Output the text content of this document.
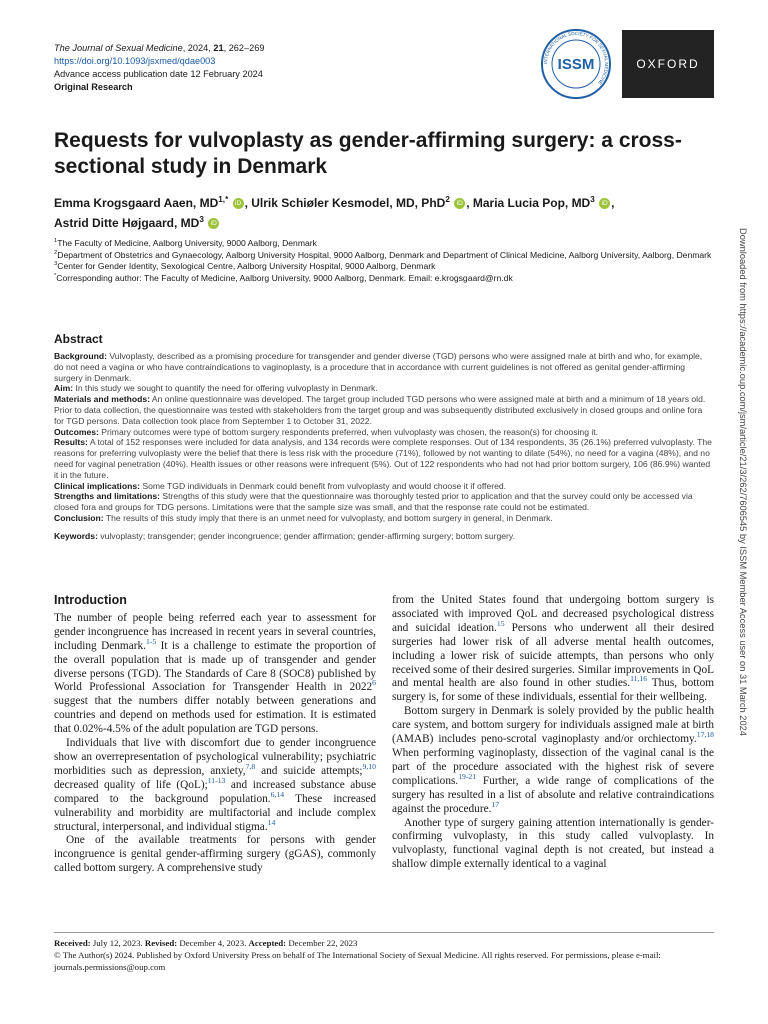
The Journal of Sexual Medicine, 2024, 21, 262–269
https://doi.org/10.1093/jsxmed/qdae003
Advance access publication date 12 February 2024
Original Research
INTERNATIONAL SOCIETY FOR SEXUAL MEDICINE
ISSM	OXFORD
Requests for vulvoplasty as gender-affirming surgery: a cross-sectional study in Denmark
Emma Krogsgaard Aaen, $MD^{1,*}$ iD , Ulrik Schiøler Kesmodel, MD, PhD$^2$ iD , Maria Lucia Pop, $MD^3$ iD ,
Astrid Ditte Højgaard, $MD^3$ iD

$^1$The Faculty of Medicine, Aalborg University, 9000 Aalborg, Denmark

$^2$Department of Obstetrics and Gynaecology, Aalborg University Hospital, 9000 Aalborg, Denmark and Department of Clinical Medicine, Aalborg University, Aalborg, Denmark

$^3$Center for Gender Identity, Sexological Centre, Aalborg University Hospital, 9000 Aalborg, Denmark

*Corresponding author: The Faculty of Medicine, Aalborg University, 9000 Aalborg, Denmark. Email: e.krogsgaard@rn.dk

Abstract

Background: Vulvoplasty, described as a promising procedure for transgender and gender diverse (TGD) persons who were assigned male at birth and who, for example, do not need a vagina or who have contraindications to vaginoplasty, is a procedure that in accordance with current guidelines is not offered as genital gender-affirming surgery in Denmark.

Aim: In this study we sought to quantify the need for offering vulvoplasty in Denmark.

Materials and methods: An online questionnaire was developed. The target group included TGD persons who were assigned male at birth and a minimum of 18 years old. Prior to data collection, the questionnaire was tested with stakeholders from the target group and was subsequently distributed exclusively in closed groups and online fora for TGD persons. Data collection took place from September 1 to October 31, 2022.

Outcomes: Primary outcomes were type of bottom surgery respondents preferred, when vulvoplasty was chosen, the reason(s) for choosing it.

Results: A total of 152 responses were included for data analysis, and 134 records were complete responses. Out of 134 respondents, 35 (26.1%) preferred vulvoplasty. The reasons for preferring vulvoplasty were the belief that there is less risk with the procedure (71%), followed by not wanting to dilate (54%), no need for a vagina (48%), and no need for vaginal penetration (40%). Health issues or other reasons were infrequent (5%). Out of 122 respondents who had not had prior bottom surgery, 106 (86.9%) wanted it in the future.

Clinical implications: Some TGD individuals in Denmark could benefit from vulvoplasty and would choose it if offered.

Strengths and limitations: Strengths of this study were that the questionnaire was thoroughly tested prior to application and that the survey could only be accessed via closed fora and groups for TDG persons. Limitations were that the sample size was small, and that the response rate could not be estimated.

Conclusion: The results of this study imply that there is an unmet need for vulvoplasty, and bottom surgery in general, in Denmark.

Keywords: vulvoplasty; transgender; gender incongruence; gender affirmation; gender-affirming surgery; bottom surgery.

Introduction

The number of people being referred each year to assessment for gender incongruence has increased in recent years in several countries, including Denmark.$^{1-5}$ It is a challenge to estimate the proportion of the overall population that is made up of transgender and gender diverse persons (TGD). The Standards of Care 8 (SOC8) published by World Professional Association for Transgender Health in 2022$^6$ suggest that the numbers differ notably between generations and countries and depend on methods used for estimation. It is estimated that 0.02%-4.5% of the adult population are TGD persons.

Individuals that live with discomfort due to gender incongruence show an overrepresentation of psychological vulnerability; psychiatric morbidities such as depression, anxiety,$^{7,8}$ and suicide attempts;$^{9,10}$ decreased quality of life (QoL);$^{11-13}$ and increased substance abuse compared to the background population.$^{6,14}$ These increased vulnerability and morbidity are multifactorial and include complex structural, interpersonal, and individual stigma.$^{14}$

One of the available treatments for persons with gender incongruence is genital gender-affirming surgery (gGAS), commonly called bottom surgery. A comprehensive study

from the United States found that undergoing bottom surgery is associated with improved QoL and decreased psychological distress and suicidal ideation.$^{15}$ Persons who underwent all their desired surgeries had lower risk of all adverse mental health outcomes, including a lower risk of suicide attempts, than persons who only received some of their desired surgeries. Similar improvements in QoL and mental health are also found in other studies.$^{11,16}$ Thus, bottom surgery is, for some of these individuals, essential for their wellbeing.

Bottom surgery in Denmark is solely provided by the public health care system, and bottom surgery for individuals assigned male at birth (AMAB) includes peno-scrotal vaginoplasty and/or orchiectomy.$^{17,18}$ When performing vaginoplasty, dissection of the vaginal canal is the part of the procedure associated with the highest risk of severe complications.$^{19-21}$ Further, a wide range of complications of the surgery has resulted in a list of absolute and relative contraindications against the procedure.$^{17}$

Another type of surgery gaining attention internationally is gender-confirming vulvoplasty, in this study called vulvoplasty. In vulvoplasty, functional vaginal depth is not created, but instead a shallow dimple externally identical to a vaginal

Received: July 12, 2023. Revised: December 4, 2023. Accepted: December 22, 2023

© The Author(s) 2024. Published by Oxford University Press on behalf of The International Society of Sexual Medicine. All rights reserved. For permissions, please e-mail: journals.permissions@oup.com

Downloaded from https://academic.oup.com/jsm/article/21/3/262/7606545 by ISSM Member Access user on 31 March 2024
